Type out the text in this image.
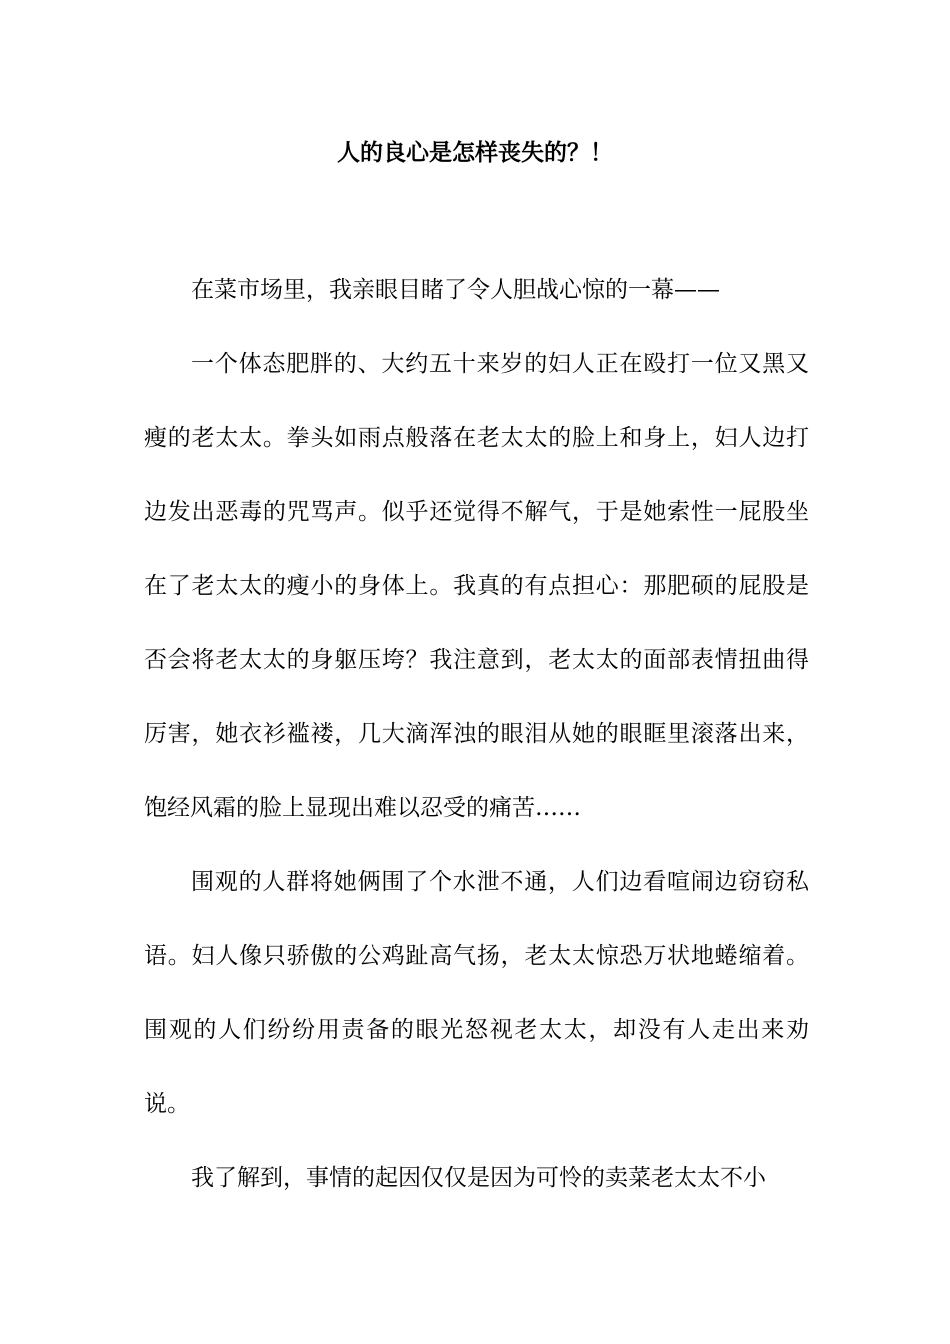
人的良心是怎样丧失的？！

在菜市场里，我亲眼目睹了令人胆战心惊的一幕——

一个体态肥胖的、大约五十来岁的妇人正在殴打一位又黑又瘦的老太太。拳头如雨点般落在老太太的脸上和身上，妇人边打边发出恶毒的咒骂声。似乎还觉得不解气，于是她索性一屁股坐在了老太太的瘦小的身体上。我真的有点担心：那肥硕的屁股是否会将老太太的身躯压垮？我注意到，老太太的面部表情扭曲得厉害，她衣衫褴褛，几大滴浑浊的眼泪从她的眼眶里滚落出来，饱经风霜的脸上显现出难以忍受的痛苦……

围观的人群将她俩围了个水泄不通，人们边看喧闹边窃窃私语。妇人像只骄傲的公鸡趾高气扬，老太太惊恐万状地蜷缩着。围观的人们纷纷用责备的眼光怒视老太太，却没有人走出来劝说。

我了解到，事情的起因仅仅是因为可怜的卖菜老太太不小
